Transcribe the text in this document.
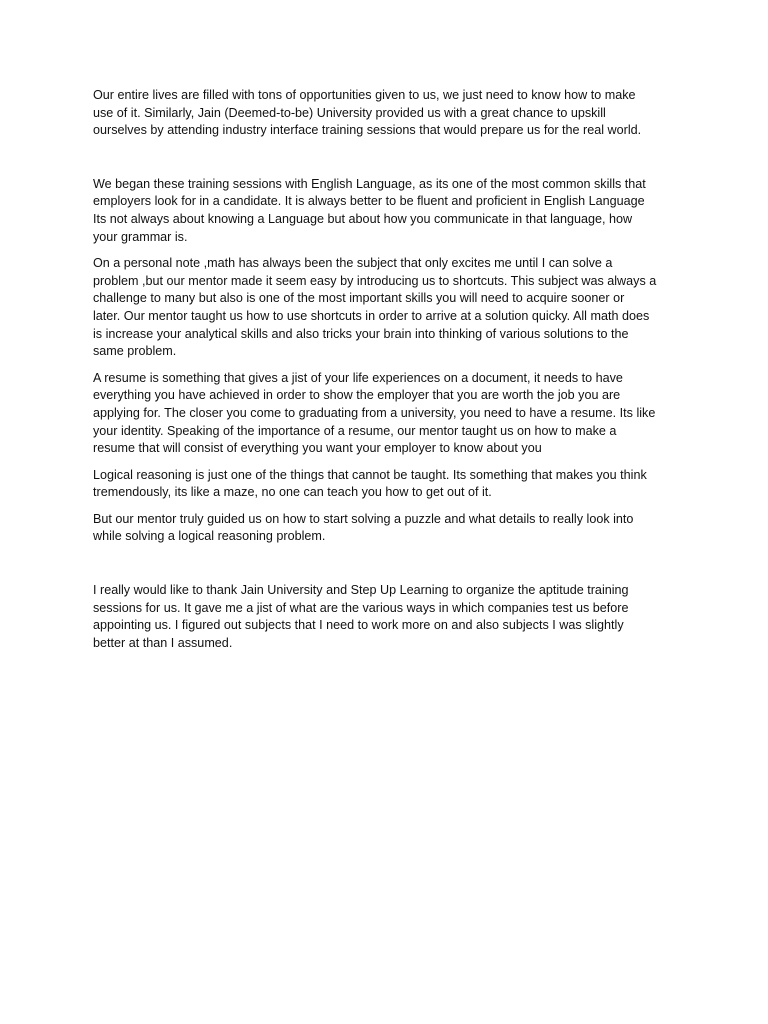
Our entire lives are filled with tons of opportunities given to us, we just need to know how to make

use of it. Similarly, Jain (Deemed-to-be) University provided us with a great chance to upskill

ourselves by attending industry interface training sessions that would prepare us for the real world.

We began these training sessions with English Language, as its one of the most common skills that

employers look for in a candidate. It is always better to be fluent and proficient in English Language

Its not always about knowing a Language but about how you communicate in that language, how

your grammar is.

On a personal note ,math has always been the subject that only excites me until I can solve a

problem ,but our mentor made it seem easy by introducing us to shortcuts. This subject was always a

challenge to many but also is one of the most important skills you will need to acquire sooner or

later. Our mentor taught us how to use shortcuts in order to arrive at a solution quicky. All math does

is increase your analytical skills and also tricks your brain into thinking of various solutions to the

same problem.

A resume is something that gives a jist of your life experiences on a document, it needs to have

everything you have achieved in order to show the employer that you are worth the job you are

applying for. The closer you come to graduating from a university, you need to have a resume. Its like

your identity. Speaking of the importance of a resume, our mentor taught us on how to make a

resume that will consist of everything you want your employer to know about you

Logical reasoning is just one of the things that cannot be taught. Its something that makes you think

tremendously, its like a maze, no one can teach you how to get out of it.

But our mentor truly guided us on how to start solving a puzzle and what details to really look into

while solving a logical reasoning problem.

I really would like to thank Jain University and Step Up Learning to organize the aptitude training

sessions for us. It gave me a jist of what are the various ways in which companies test us before

appointing us. I figured out subjects that I need to work more on and also subjects I was slightly

better at than I assumed.
